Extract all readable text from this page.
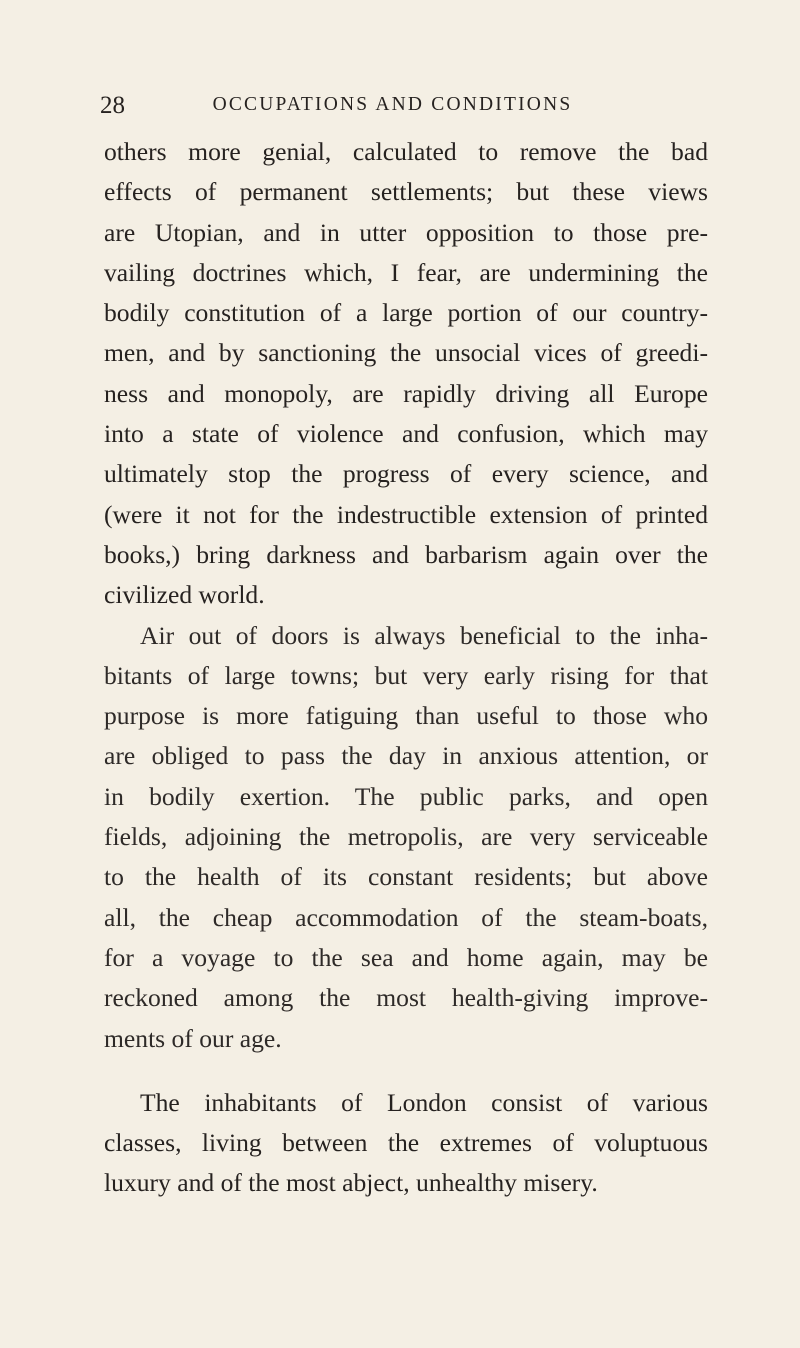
28	OCCUPATIONS AND CONDITIONS
others more genial, calculated to remove the bad
effects of permanent settlements; but these views
are Utopian, and in utter opposition to those pre-
vailing doctrines which, I fear, are undermining the
bodily constitution of a large portion of our country-
men, and by sanctioning the unsocial vices of greedi-
ness and monopoly, are rapidly driving all Europe
into a state of violence and confusion, which may
ultimately stop the progress of every science, and
(were it not for the indestructible extension of printed
books,) bring darkness and barbarism again over the
civilized world.
Air out of doors is always beneficial to the inha-
bitants of large towns; but very early rising for that
purpose is more fatiguing than useful to those who
are obliged to pass the day in anxious attention, or
in bodily exertion. The public parks, and open
fields, adjoining the metropolis, are very serviceable
to the health of its constant residents; but above
all, the cheap accommodation of the steam-boats,
for a voyage to the sea and home again, may be
reckoned among the most health-giving improve-
ments of our age.
The inhabitants of London consist of various
classes, living between the extremes of voluptuous
luxury and of the most abject, unhealthy misery.
